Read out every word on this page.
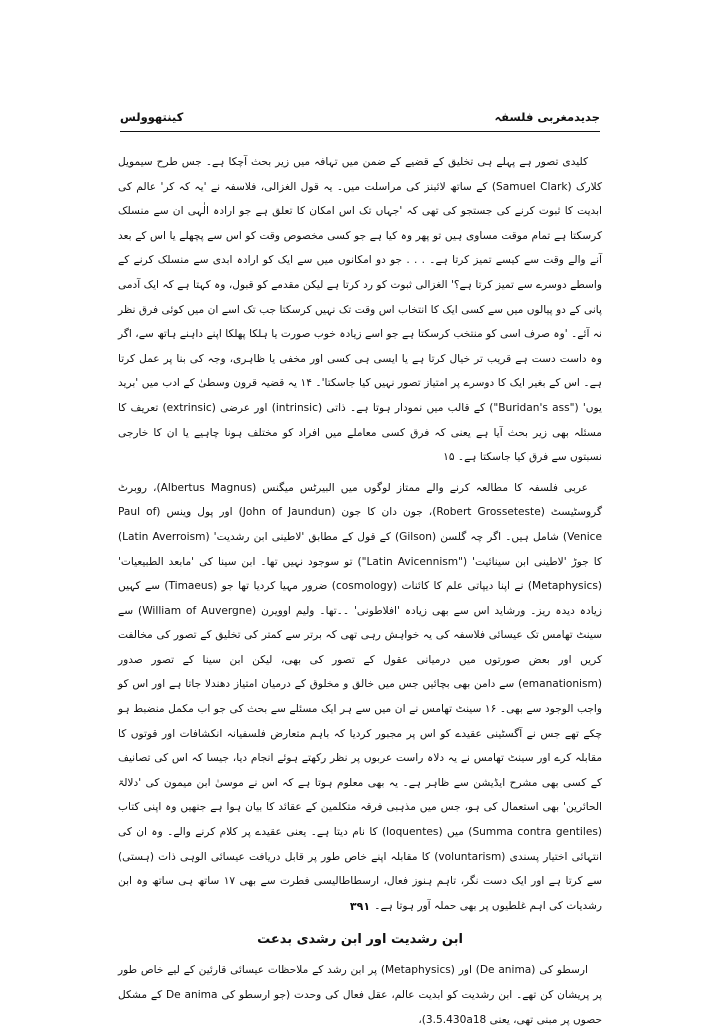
کینتھوولس	جدیدمغربی فلسفہ

کلیدی تصور ہے پہلے ہی تخلیق کے قضیے کے ضمن میں تہافہ میں زیر بحث آچکا ہے۔ جس طرح سیمویل کلارک (Samuel Clark) کے ساتھ لائبنز کی مراسلت میں۔ یہ قول الغزالی، فلاسفہ نے 'یہ کہ کر' عالم کی ابدیت کا ثبوت کرنے کی جستجو کی تھی کہ 'جہاں تک اس امکان کا تعلق ہے جو ارادہ الٰہی ان سے منسلک کرسکتا ہے تمام موقت مساوی ہیں تو پھر وہ کیا ہے جو کسی مخصوص وقت کو اس سے پچھلے یا اس کے بعد آنے والے وقت سے کیسے تمیز کرتا ہے۔ . . . جو دو امکانوں میں سے ایک کو ارادہ ابدی سے منسلک کرنے کے واسطے دوسرے سے تمیز کرتا ہے؟' الغزالی ثبوت کو رد کرتا ہے لیکن مقدمے کو قبول، وہ کہتا ہے کہ ایک آدمی پانی کے دو پیالوں میں سے کسی ایک کا انتخاب اس وقت تک نہیں کرسکتا جب تک اسے ان میں کوئی فرق نظر نہ آئے۔ 'وہ صرف اسی کو منتخب کرسکتا ہے جو اسے زیادہ خوب صورت یا ہلکا پھلکا اپنے داہنے ہاتھ سے، اگر وہ داست دست ہے قریب تر خیال کرتا ہے یا ایسی ہی کسی اور مخفی یا ظاہری، وجہ کی بنا پر عمل کرتا ہے۔ اس کے بغیر ایک کا دوسرے پر امتیاز تصور نہیں کیا جاسکتا'۔ ۱۴ یہ قضیہ قرون وسطیٰ کے ادب میں 'برید یوں' ("Buridan's ass") کے قالب میں نمودار ہوتا ہے۔ ذاتی (intrinsic) اور عرضی (extrinsic) تعریف کا مسئلہ بھی زیر بحث آیا ہے یعنی کہ فرق کسی معاملے میں افراد کو مختلف ہونا چاہیے یا ان کا خارجی نسبتوں سے فرق کیا جاسکتا ہے۔ ۱۵

عربی فلسفہ کا مطالعہ کرنے والے ممتاز لوگوں میں البیرٹس میگنس (Albertus Magnus)، روبرٹ گروسٹیسٹ (Robert Grosseteste)، جون دان کا جون (John of Jaundun) اور پول وینس (Paul of Venice) شامل ہیں۔ اگر چہ گلسن (Gilson) کے قول کے مطابق 'لاطینی ابن رشدیت' (Latin Averroism) کا جوڑ 'لاطینی ابن سینائیت' ("Latin Avicennism") تو سوجود نہیں تھا۔ ابن سینا کی 'مابعد الطبیعیات' (Metaphysics) نے اپنا دیپاتی علم کا کائنات (cosmology) ضرور مہیا کردیا تھا جو (Timaeus) سے کہیں زیادہ دیدہ ریز۔ ورشاید اس سے بھی زیادہ 'افلاطونی' ۔۔تھا۔ ولیم اوویرن (William of Auvergne) سے سینٹ تھامس تک عیسائی فلاسفہ کی یہ خواہش رہی تھی کہ برتر سے کمتر کی تخلیق کے تصور کی مخالفت کریں اور بعض صورتوں میں درمیانی عقول کے تصور کی بھی، لیکن ابن سینا کے تصور صدور (emanationism) سے دامن بھی بچائیں جس میں خالق و مخلوق کے درمیان امتیاز دھندلا جاتا ہے اور اس کو واجب الوجود سے بھی۔ ۱۶ سینٹ تھامس نے ان میں سے ہر ایک مسئلے سے بحث کی جو اب مکمل منضبط ہو چکے تھے جس نے آگسٹینی عقیدے کو اس پر مجبور کردیا کہ باہم متعارض فلسفیانہ انکشافات اور قوتوں کا مقابلہ کرے اور سینٹ تھامس نے یہ دلاہ راست عربوں پر نظر رکھتے ہوئے انجام دیا، جیسا کہ اس کی تصانیف کے کسی بھی مشرح ایڈیشن سے ظاہر ہے۔ یہ بھی معلوم ہوتا ہے کہ اس نے موسیٰ ابن میمون کی 'دلالۃ الحائرین' بھی استعمال کی ہو، جس میں مذہبی فرقہ متکلمین کے عقائد کا بیان ہوا ہے جنھیں وہ اپنی کتاب (Summa contra gentiles) میں (loquentes) کا نام دیتا ہے۔ یعنی عقیدے پر کلام کرنے والے۔ وہ ان کی انتہائی اختیار پسندی (voluntarism) کا مقابلہ اپنے خاص طور پر قابل دریافت عیسائی الوہی ذات (ہستی) سے کرتا ہے اور ایک دست نگر، تاہم ہنوز فعال، ارسطاطالیسی فطرت سے بھی ۱۷ ساتھ ہی ساتھ وہ ابن رشدیات کی اہم غلطیوں پر بھی حملہ آور ہوتا ہے۔

ابن رشدیت اور ابن رشدی بدعت

ارسطو کی (De anima) اور (Metaphysics) پر ابن رشد کے ملاحظات عیسائی قارئین کے لیے خاص طور پر پریشان کن تھے۔ ابن رشدیت کو ابدیت عالم، عقل فعال کی وحدت (جو ارسطو کی De anima کے مشکل حصوں پر مبنی تھی، یعنی 3.5.430a18)،

۳۹۱
